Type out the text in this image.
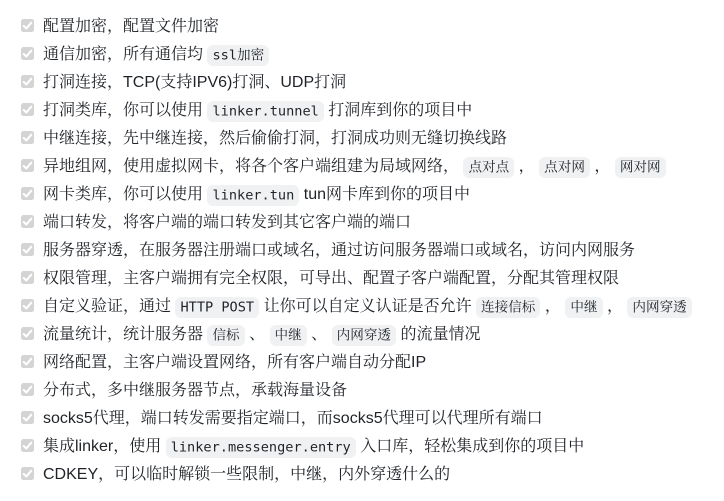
配置加密，配置文件加密
通信加密，所有通信均 ssl加密
打洞连接，TCP(支持IPV6)打洞、UDP打洞
打洞类库，你可以使用 linker.tunnel 打洞库到你的项目中
中继连接，先中继连接，然后偷偷打洞，打洞成功则无缝切换线路
异地组网，使用虚拟网卡，将各个客户端组建为局域网络， 点对点 ， 点对网 ， 网对网
网卡类库，你可以使用 linker.tun tun网卡库到你的项目中
端口转发，将客户端的端口转发到其它客户端的端口
服务器穿透，在服务器注册端口或域名，通过访问服务器端口或域名，访问内网服务
权限管理，主客户端拥有完全权限，可导出、配置子客户端配置，分配其管理权限
自定义验证，通过 HTTP POST 让你可以自定义认证是否允许 连接信标 ， 中继 ， 内网穿透
流量统计，统计服务器 信标 、 中继 、 内网穿透 的流量情况
网络配置，主客户端设置网络，所有客户端自动分配IP
分布式，多中继服务器节点，承载海量设备
socks5代理，端口转发需要指定端口，而socks5代理可以代理所有端口
集成linker，使用 linker.messenger.entry 入口库，轻松集成到你的项目中
CDKEY，可以临时解锁一些限制，中继，内外穿透什么的
